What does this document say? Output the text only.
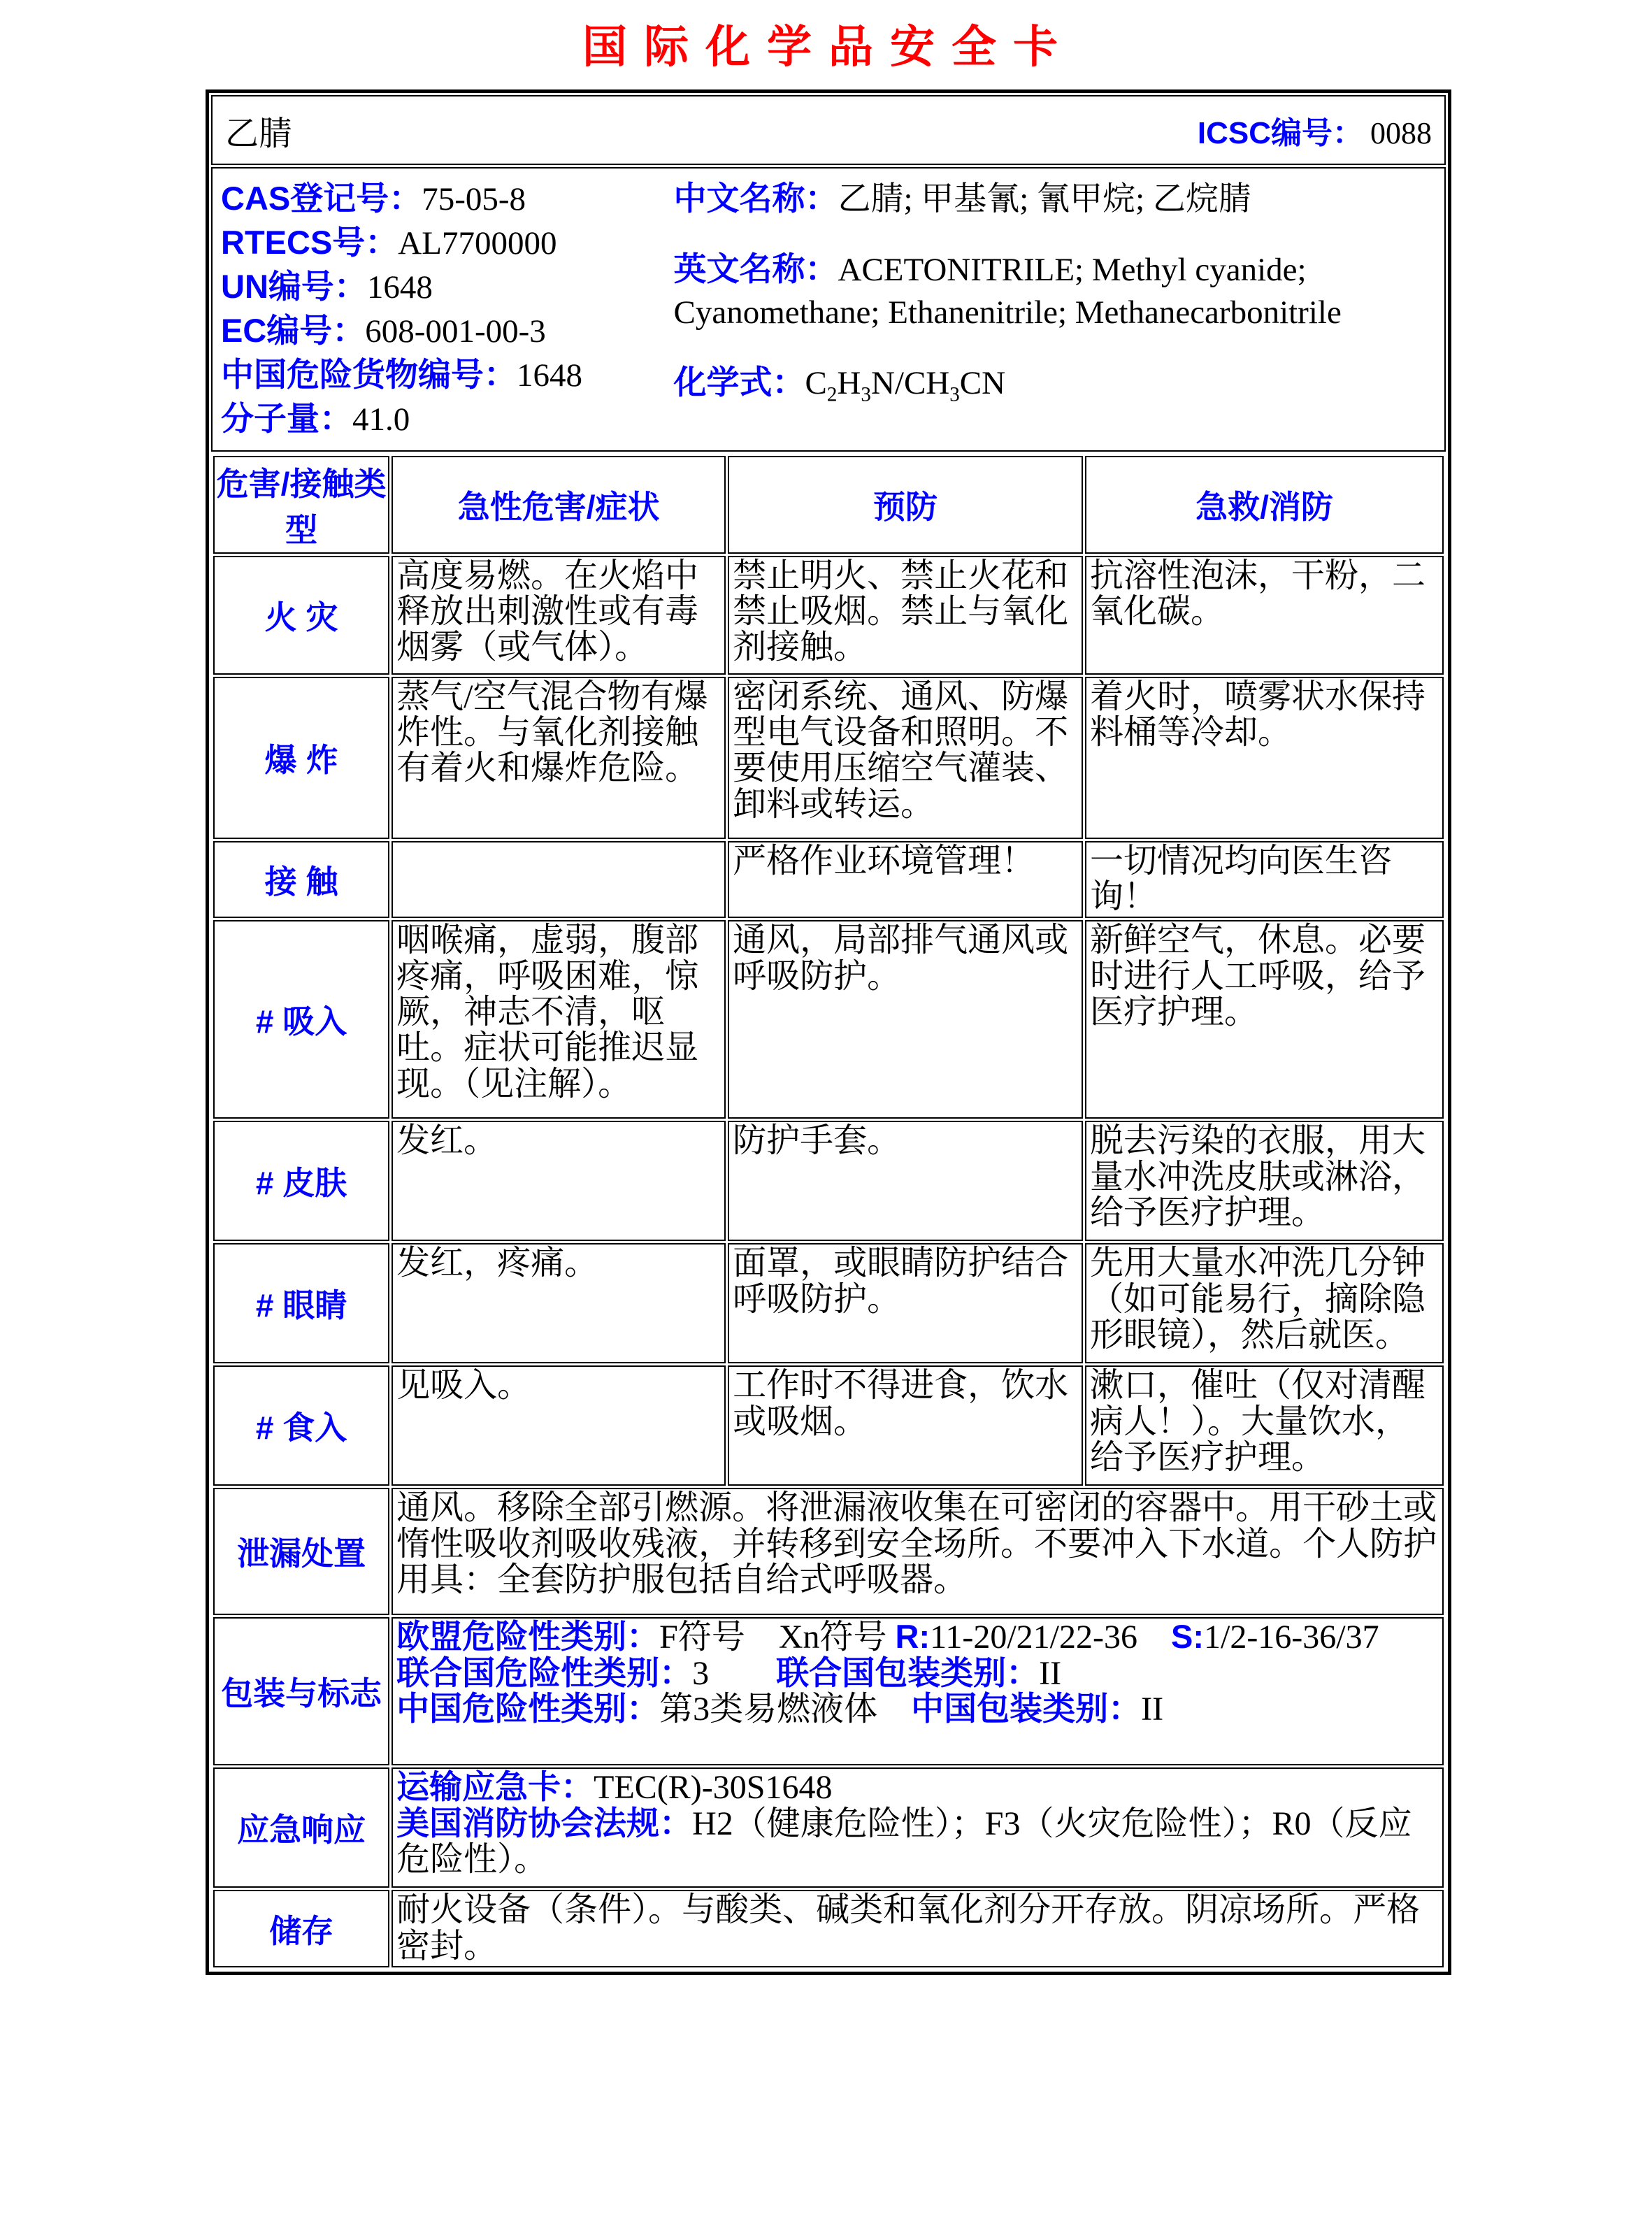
国际化学品安全卡
乙腈	ICSC编号： 0088
CAS登记号：75-05-8
RTECS号：AL7700000
UN编号：1648
EC编号：608-001-00-3
中国危险货物编号：1648
分子量：41.0
中文名称：乙腈; 甲基氰; 氰甲烷; 乙烷腈
英文名称：ACETONITRILE; Methyl cyanide; Cyanomethane; Ethanenitrile; Methanecarbonitrile
化学式：$C_2H_3N/CH_3CN$
危害/接触类型	急性危害/症状	预防	急救/消防
火 灾	高度易燃。在火焰中释放出刺激性或有毒烟雾（或气体）。	禁止明火、禁止火花和禁止吸烟。禁止与氧化剂接触。	抗溶性泡沫，干粉，二氧化碳。
爆 炸	蒸气/空气混合物有爆炸性。与氧化剂接触有着火和爆炸危险。	密闭系统、通风、防爆型电气设备和照明。不要使用压缩空气灌装、卸料或转运。	着火时，喷雾状水保持料桶等冷却。
接 触		严格作业环境管理！	一切情况均向医生咨询！
# 吸入	咽喉痛，虚弱，腹部疼痛，呼吸困难，惊厥，神志不清，呕吐。症状可能推迟显现。（见注解）。	通风，局部排气通风或呼吸防护。	新鲜空气，休息。必要时进行人工呼吸，给予医疗护理。
# 皮肤	发红。	防护手套。	脱去污染的衣服，用大量水冲洗皮肤或淋浴，给予医疗护理。
# 眼睛	发红，疼痛。	面罩，或眼睛防护结合呼吸防护。	先用大量水冲洗几分钟（如可能易行，摘除隐形眼镜），然后就医。
# 食入	见吸入。	工作时不得进食，饮水或吸烟。	漱口，催吐（仅对清醒病人！）。大量饮水，给予医疗护理。
泄漏处置	通风。移除全部引燃源。将泄漏液收集在可密闭的容器中。用干砂土或惰性吸收剂吸收残液，并转移到安全场所。不要冲入下水道。个人防护用具：全套防护服包括自给式呼吸器。		

包装与标志	欧盟危险性类别：F符号　Xn符号 R:11-20/21/22-36　S:1/2-16-36/37
联合国危险性类别：3　　联合国包装类别：II
中国危险性类别：第3类易燃液体　中国包装类别：II		

应急响应	运输应急卡：TEC(R)-30S1648
美国消防协会法规：H2（健康危险性）；F3（火灾危险性）；R0（反应危险性）。		

储存	耐火设备（条件）。与酸类、碱类和氧化剂分开存放。阴凉场所。严格密封。		
